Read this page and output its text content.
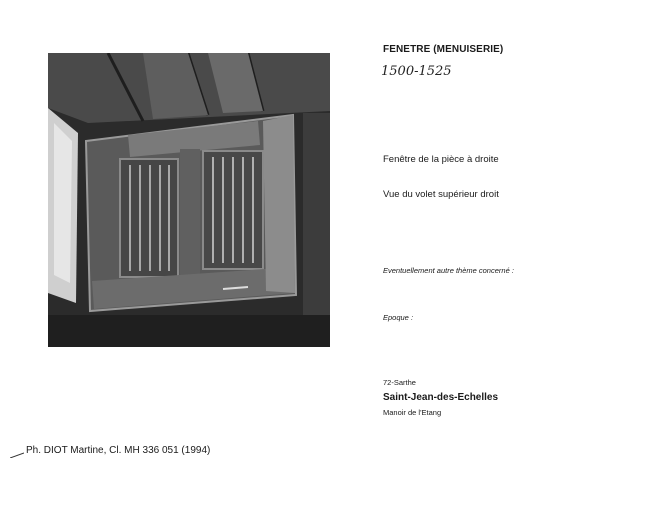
FENETRE (MENUISERIE)
1500-1525
Fenêtre de la pièce à droite
Vue du volet supérieur droit
Eventuellement autre thème concerné :
Epoque :
72-Sarthe
Saint-Jean-des-Echelles
Manoir de l'Etang
Ph. DIOT Martine, Cl. MH 336 051 (1994)
